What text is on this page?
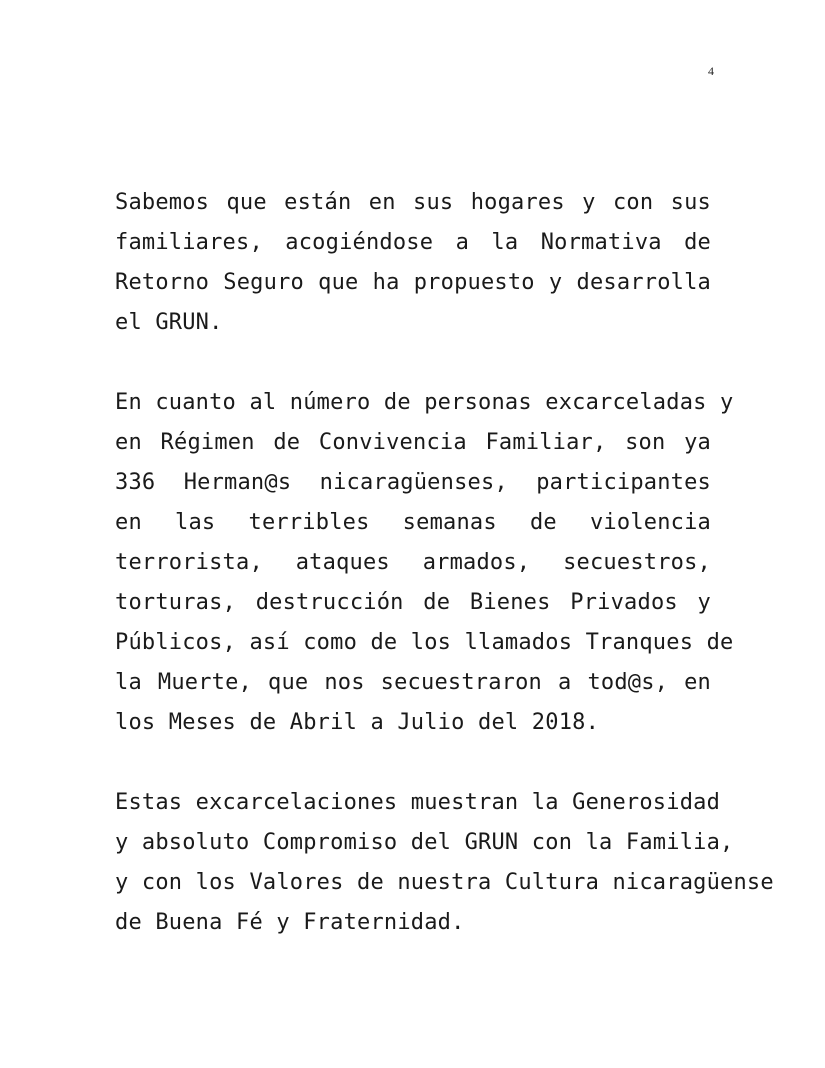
4
Sabemos que están en sus hogares y con sus
familiares, acogiéndose a la Normativa de
Retorno Seguro que ha propuesto y desarrolla
el GRUN.
En cuanto al número de personas excarceladas y
en Régimen de Convivencia Familiar, son ya
336 Herman@s nicaragüenses, participantes
en las terribles semanas de violencia
terrorista, ataques armados, secuestros,
torturas, destrucción de Bienes Privados y
Públicos, así como de los llamados Tranques de
la Muerte, que nos secuestraron a tod@s, en
los Meses de Abril a Julio del 2018.
Estas excarcelaciones muestran la Generosidad
y absoluto Compromiso del GRUN con la Familia,
y con los Valores de nuestra Cultura nicaragüense
de Buena Fé y Fraternidad.
